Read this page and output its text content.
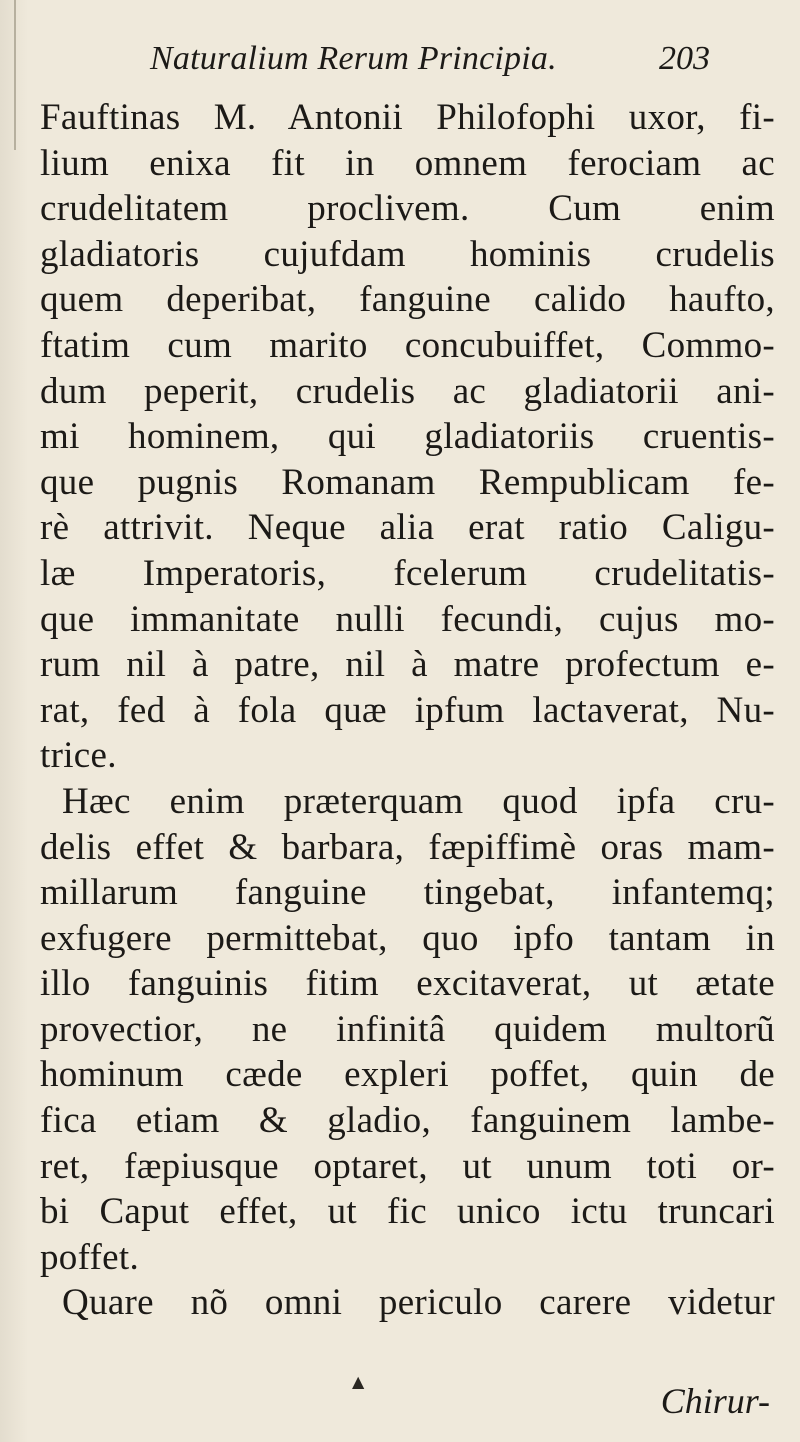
Naturalium Rerum Principia.	203
Fauftinas M. Antonii Philofophi uxor, fi-
lium enixa fit in omnem ferociam ac
crudelitatem proclivem. Cum enim
gladiatoris cujufdam hominis crudelis
quem deperibat, fanguine calido haufto,
ftatim cum marito concubuiffet, Commo-
dum peperit, crudelis ac gladiatorii ani-
mi hominem, qui gladiatoriis cruentis-
que pugnis Romanam Rempublicam fe-
rè attrivit. Neque alia erat ratio Caligu-
læ Imperatoris, fcelerum crudelitatis-
que immanitate nulli fecundi, cujus mo-
rum nil à patre, nil à matre profectum e-
rat, fed à fola quæ ipfum lactaverat, Nu-
trice.
Hæc enim præterquam quod ipfa cru-
delis effet & barbara, fæpiffimè oras mam-
millarum fanguine tingebat, infantemq;
exfugere permittebat, quo ipfo tantam in
illo fanguinis fitim excitaverat, ut ætate
provectior, ne infinitâ quidem multorũ
hominum cæde expleri poffet, quin de
fica etiam & gladio, fanguinem lambe-
ret, fæpiusque optaret, ut unum toti or-
bi Caput effet, ut fic unico ictu truncari
poffet.
Quare nõ omni periculo carere videtur
▲	Chirur-
